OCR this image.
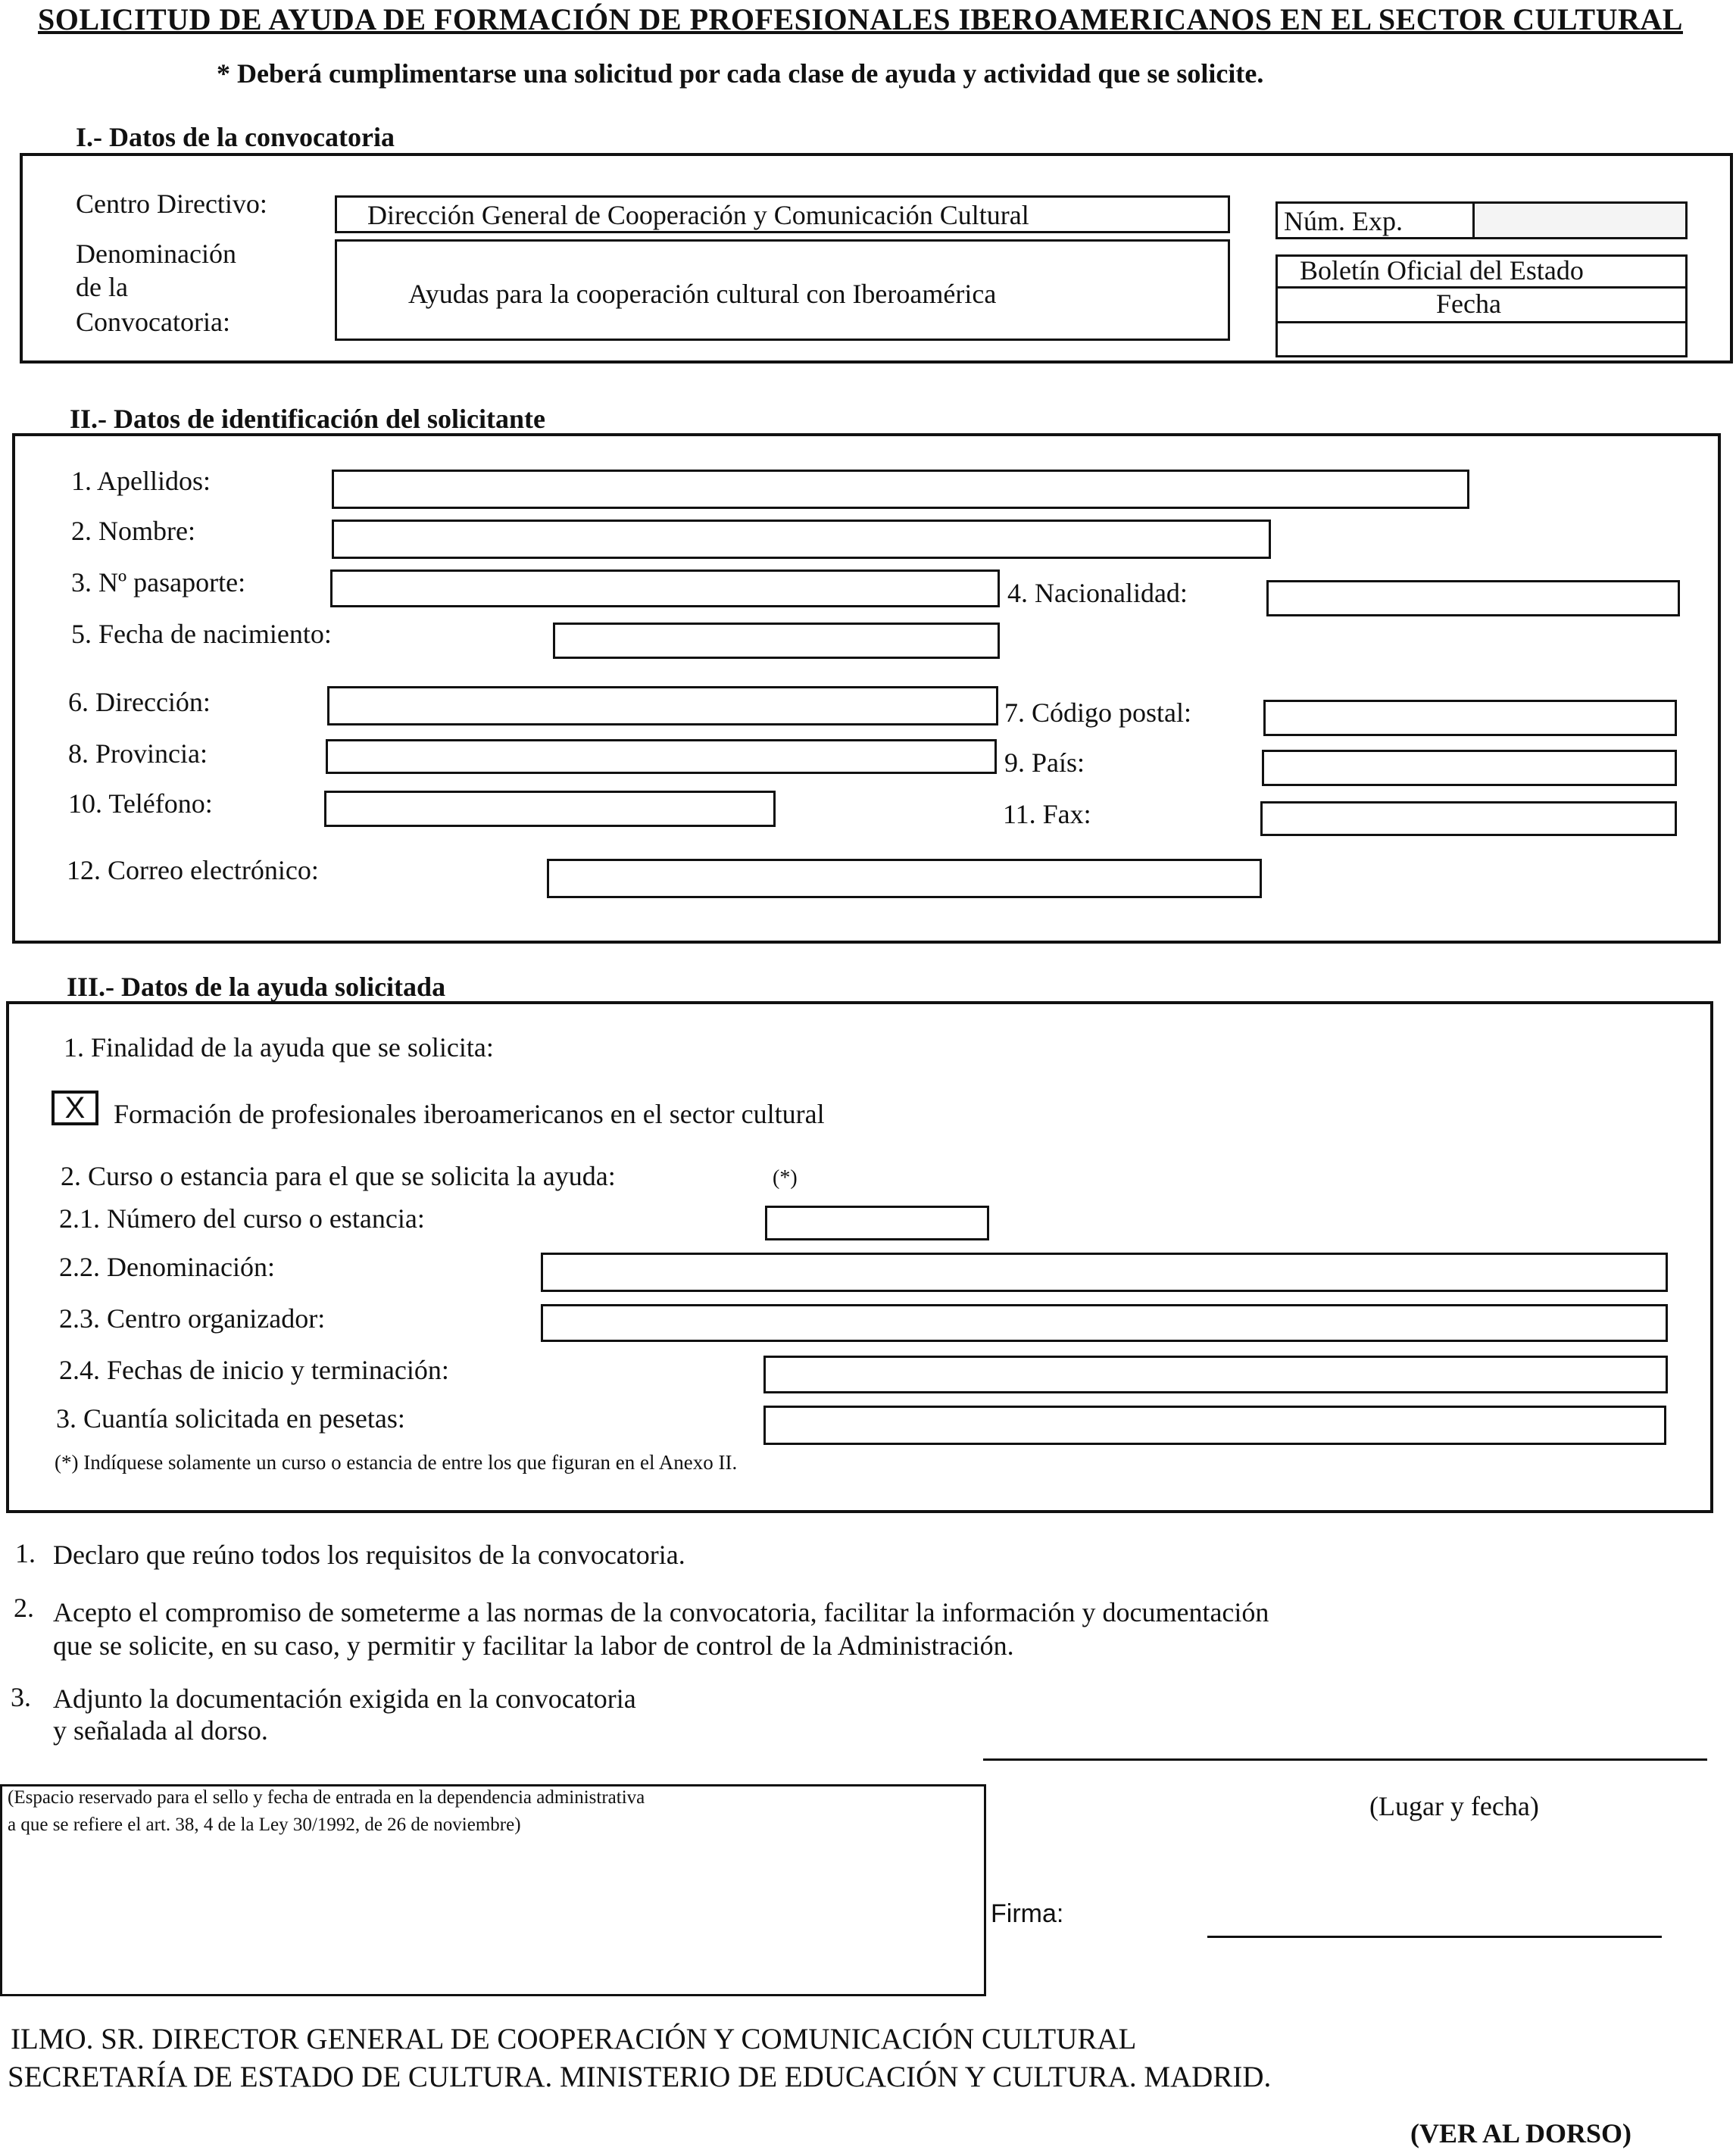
SOLICITUD DE AYUDA DE FORMACIÓN DE PROFESIONALES IBEROAMERICANOS EN EL SECTOR CULTURAL
* Deberá cumplimentarse una solicitud por cada clase de ayuda y actividad que se solicite.
I.- Datos de la convocatoria
Centro Directivo:	Dirección General de Cooperación y Comunicación Cultural
Denominación
de la
Convocatoria:
Ayudas para la cooperación cultural con Iberoamérica
Núm. Exp.
Boletín Oficial del Estado
Fecha
II.- Datos de identificación del solicitante
1. Apellidos:
2. Nombre:
3. Nº pasaporte:	4. Nacionalidad:
5. Fecha de nacimiento:
6. Dirección:	7. Código postal:
8. Provincia:	9. País:
10. Teléfono:	11. Fax:
12. Correo electrónico:
III.- Datos de la ayuda solicitada
1. Finalidad de la ayuda que se solicita:
X	Formación de profesionales iberoamericanos en el sector cultural
2. Curso o estancia para el que se solicita la ayuda:	(*)
2.1. Número del curso o estancia:
2.2. Denominación:
2.3. Centro organizador:
2.4. Fechas de inicio y terminación:
3. Cuantía solicitada en pesetas:
(*) Indíquese solamente un curso o estancia de entre los que figuran en el Anexo II.
1. Declaro que reúno todos los requisitos de la convocatoria.
2. Acepto el compromiso de someterme a las normas de la convocatoria, facilitar la información y documentación
que se solicite, en su caso, y permitir y facilitar la labor de control de la Administración.
3. Adjunto la documentación exigida en la convocatoria
y señalada al dorso.
(Espacio reservado para el sello y fecha de entrada en la dependencia administrativa
a que se refiere el art. 38, 4 de la Ley 30/1992, de 26 de noviembre)
(Lugar y fecha)
Firma:
ILMO. SR. DIRECTOR GENERAL DE COOPERACIÓN Y COMUNICACIÓN CULTURAL
SECRETARÍA DE ESTADO DE CULTURA. MINISTERIO DE EDUCACIÓN Y CULTURA. MADRID.
(VER AL DORSO)
